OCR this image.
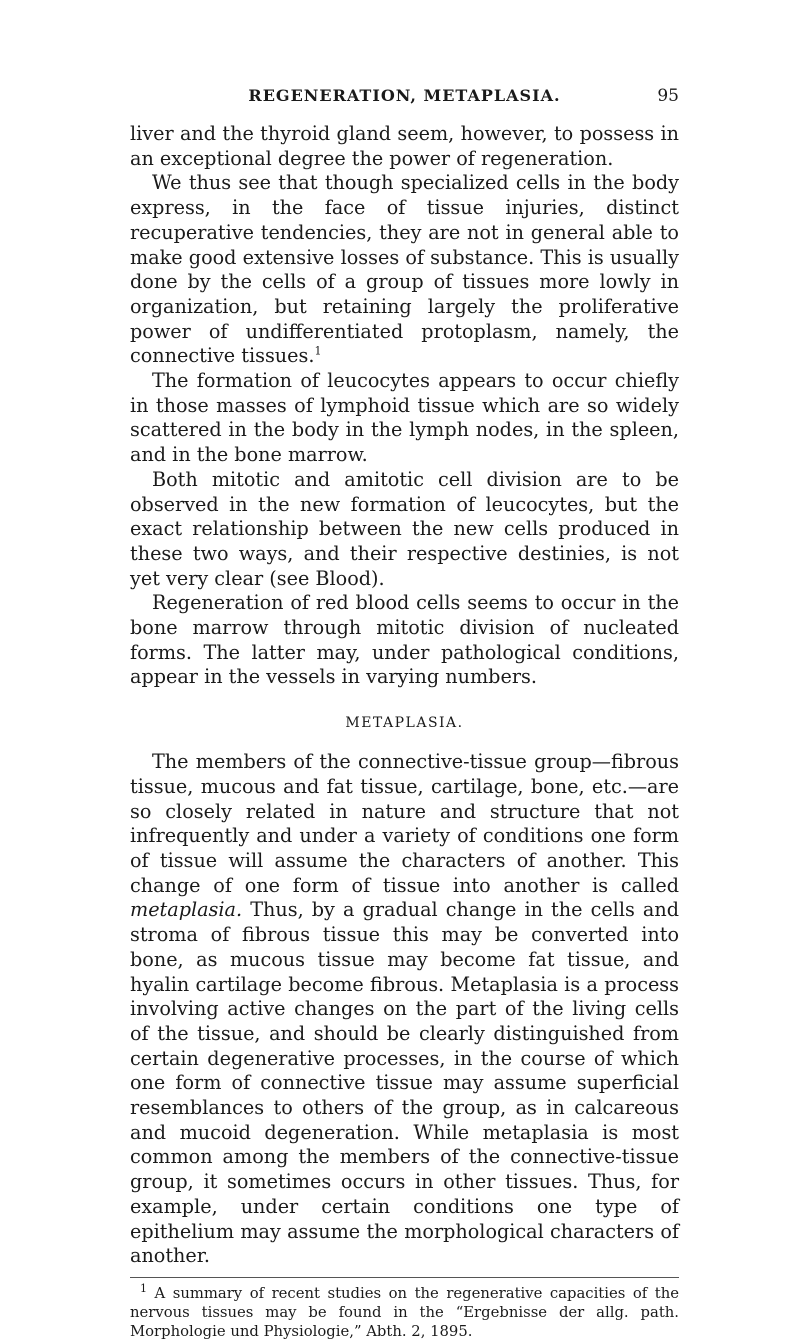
REGENERATION, METAPLASIA.	95

liver and the thyroid gland seem, however, to possess in an exceptional degree the power of regeneration.

We thus see that though specialized cells in the body express, in the face of tissue injuries, distinct recuperative tendencies, they are not in general able to make good extensive losses of substance. This is usually done by the cells of a group of tissues more lowly in organization, but retaining largely the proliferative power of undifferentiated protoplasm, namely, the connective tissues.$^1$

The formation of leucocytes appears to occur chiefly in those masses of lymphoid tissue which are so widely scattered in the body in the lymph nodes, in the spleen, and in the bone marrow.

Both mitotic and amitotic cell division are to be observed in the new formation of leucocytes, but the exact relationship between the new cells produced in these two ways, and their respective destinies, is not yet very clear (see Blood).

Regeneration of red blood cells seems to occur in the bone marrow through mitotic division of nucleated forms. The latter may, under pathological conditions, appear in the vessels in varying numbers.

METAPLASIA.

The members of the connective-tissue group—fibrous tissue, mucous and fat tissue, cartilage, bone, etc.—are so closely related in nature and structure that not infrequently and under a variety of conditions one form of tissue will assume the characters of another. This change of one form of tissue into another is called metaplasia. Thus, by a gradual change in the cells and stroma of fibrous tissue this may be converted into bone, as mucous tissue may become fat tissue, and hyalin cartilage become fibrous. Metaplasia is a process involving active changes on the part of the living cells of the tissue, and should be clearly distinguished from certain degenerative processes, in the course of which one form of connective tissue may assume superficial resemblances to others of the group, as in calcareous and mucoid degeneration. While metaplasia is most common among the members of the connective-tissue group, it sometimes occurs in other tissues. Thus, for example, under certain conditions one type of epithelium may assume the morphological characters of another.

$^1$ A summary of recent studies on the regenerative capacities of the nervous tissues may be found in the “Ergebnisse der allg. path. Morphologie und Physiologie,” Abth. 2, 1895.
